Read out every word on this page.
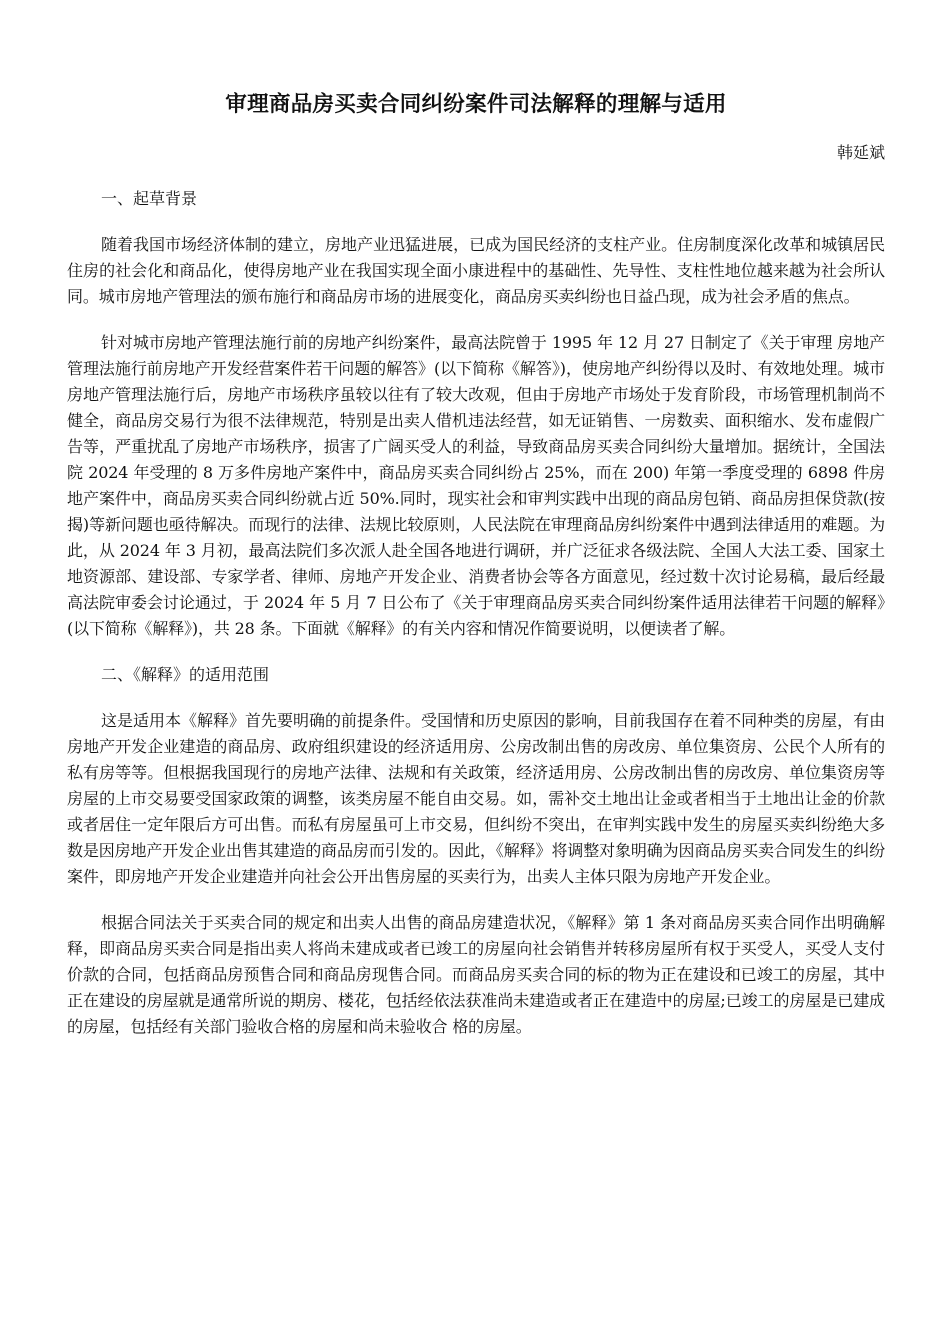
审理商品房买卖合同纠纷案件司法解释的理解与适用

韩延斌

一、起草背景

随着我国市场经济体制的建立，房地产业迅猛进展，已成为国民经济的支柱产业。住房制度深化改革和城镇居民住房的社会化和商品化，使得房地产业在我国实现全面小康进程中的基础性、先导性、支柱性地位越来越为社会所认同。城市房地产管理法的颁布施行和商品房市场的进展变化，商品房买卖纠纷也日益凸现，成为社会矛盾的焦点。

针对城市房地产管理法施行前的房地产纠纷案件，最高法院曾于 1995 年 12 月 27 日制定了《关于审理 房地产管理法施行前房地产开发经营案件若干问题的解答》(以下简称《解答》)，使房地产纠纷得以及时、有效地处理。城市房地产管理法施行后，房地产市场秩序虽较以往有了较大改观，但由于房地产市场处于发育阶段，市场管理机制尚不健全，商品房交易行为很不法律规范，特别是出卖人借机违法经营，如无证销售、一房数卖、面积缩水、发布虚假广告等，严重扰乱了房地产市场秩序，损害了广阔买受人的利益，导致商品房买卖合同纠纷大量增加。据统计，全国法院 2024 年受理的 8 万多件房地产案件中，商品房买卖合同纠纷占 25%，而在 200) 年第一季度受理的 6898 件房地产案件中，商品房买卖合同纠纷就占近 50%.同时，现实社会和审判实践中出现的商品房包销、商品房担保贷款(按揭)等新问题也亟待解决。而现行的法律、法规比较原则，人民法院在审理商品房纠纷案件中遇到法律适用的难题。为此，从 2024 年 3 月初，最高法院们多次派人赴全国各地进行调研，并广泛征求各级法院、全国人大法工委、国家土地资源部、建设部、专家学者、律师、房地产开发企业、消费者协会等各方面意见，经过数十次讨论易稿，最后经最高法院审委会讨论通过，于 2024 年 5 月 7 日公布了《关于审理商品房买卖合同纠纷案件适用法律若干问题的解释》(以下简称《解释》)，共 28 条。下面就《解释》的有关内容和情况作简要说明，以便读者了解。

二、《解释》的适用范围

这是适用本《解释》首先要明确的前提条件。受国情和历史原因的影响，目前我国存在着不同种类的房屋，有由房地产开发企业建造的商品房、政府组织建设的经济适用房、公房改制出售的房改房、单位集资房、公民个人所有的私有房等等。但根据我国现行的房地产法律、法规和有关政策，经济适用房、公房改制出售的房改房、单位集资房等房屋的上市交易要受国家政策的调整，该类房屋不能自由交易。如，需补交土地出让金或者相当于土地出让金的价款或者居住一定年限后方可出售。而私有房屋虽可上市交易，但纠纷不突出，在审判实践中发生的房屋买卖纠纷绝大多数是因房地产开发企业出售其建造的商品房而引发的。因此，《解释》将调整对象明确为因商品房买卖合同发生的纠纷案件，即房地产开发企业建造并向社会公开出售房屋的买卖行为，出卖人主体只限为房地产开发企业。

根据合同法关于买卖合同的规定和出卖人出售的商品房建造状况，《解释》第 1 条对商品房买卖合同作出明确解释，即商品房买卖合同是指出卖人将尚未建成或者已竣工的房屋向社会销售并转移房屋所有权于买受人，买受人支付价款的合同，包括商品房预售合同和商品房现售合同。而商品房买卖合同的标的物为正在建设和已竣工的房屋，其中正在建设的房屋就是通常所说的期房、楼花，包括经依法获准尚未建造或者正在建造中的房屋;已竣工的房屋是已建成的房屋，包括经有关部门验收合格的房屋和尚未验收合 格的房屋。
